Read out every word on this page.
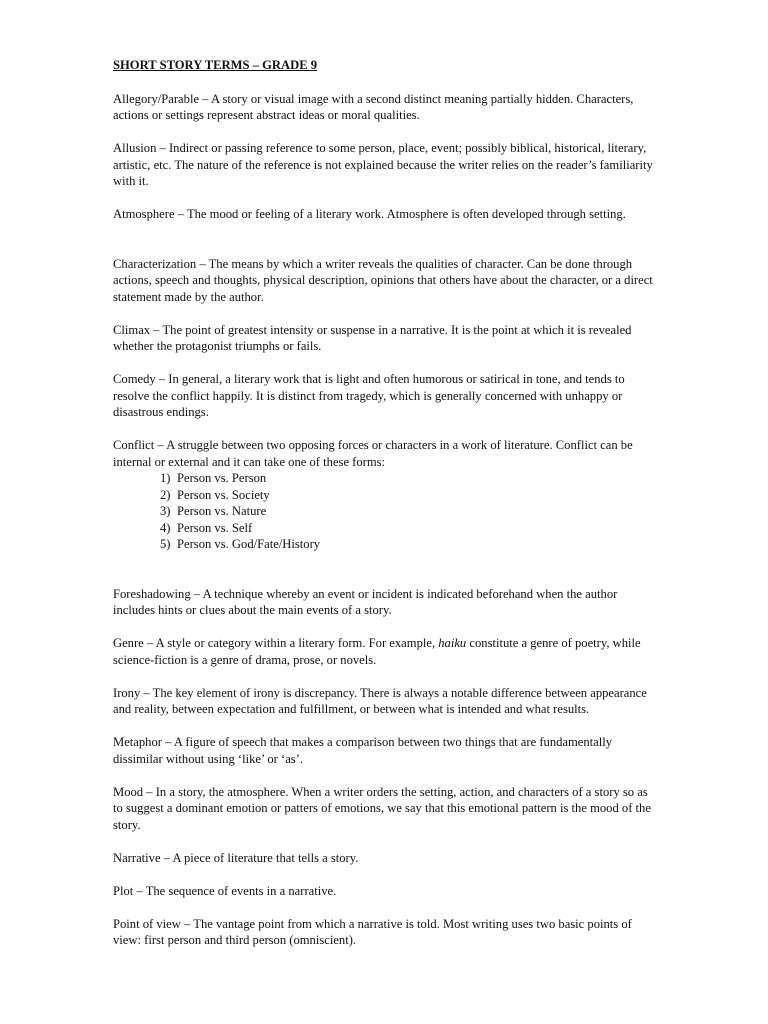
SHORT STORY TERMS – GRADE 9
Allegory/Parable – A story or visual image with a second distinct meaning partially hidden. Characters, actions or settings represent abstract ideas or moral qualities.
Allusion – Indirect or passing reference to some person, place, event; possibly biblical, historical, literary, artistic, etc. The nature of the reference is not explained because the writer relies on the reader’s familiarity with it.
Atmosphere – The mood or feeling of a literary work. Atmosphere is often developed through setting.
Characterization – The means by which a writer reveals the qualities of character. Can be done through actions, speech and thoughts, physical description, opinions that others have about the character, or a direct statement made by the author.
Climax – The point of greatest intensity or suspense in a narrative. It is the point at which it is revealed whether the protagonist triumphs or fails.
Comedy – In general, a literary work that is light and often humorous or satirical in tone, and tends to resolve the conflict happily. It is distinct from tragedy, which is generally concerned with unhappy or disastrous endings.
Conflict – A struggle between two opposing forces or characters in a work of literature. Conflict can be internal or external and it can take one of these forms:
1) Person vs. Person
2) Person vs. Society
3) Person vs. Nature
4) Person vs. Self
5) Person vs. God/Fate/History
Foreshadowing – A technique whereby an event or incident is indicated beforehand when the author includes hints or clues about the main events of a story.
Genre – A style or category within a literary form. For example, haiku constitute a genre of poetry, while science-fiction is a genre of drama, prose, or novels.
Irony – The key element of irony is discrepancy. There is always a notable difference between appearance and reality, between expectation and fulfillment, or between what is intended and what results.
Metaphor – A figure of speech that makes a comparison between two things that are fundamentally dissimilar without using ‘like’ or ‘as’.
Mood – In a story, the atmosphere. When a writer orders the setting, action, and characters of a story so as to suggest a dominant emotion or patters of emotions, we say that this emotional pattern is the mood of the story.
Narrative – A piece of literature that tells a story.
Plot – The sequence of events in a narrative.
Point of view – The vantage point from which a narrative is told. Most writing uses two basic points of view: first person and third person (omniscient).
